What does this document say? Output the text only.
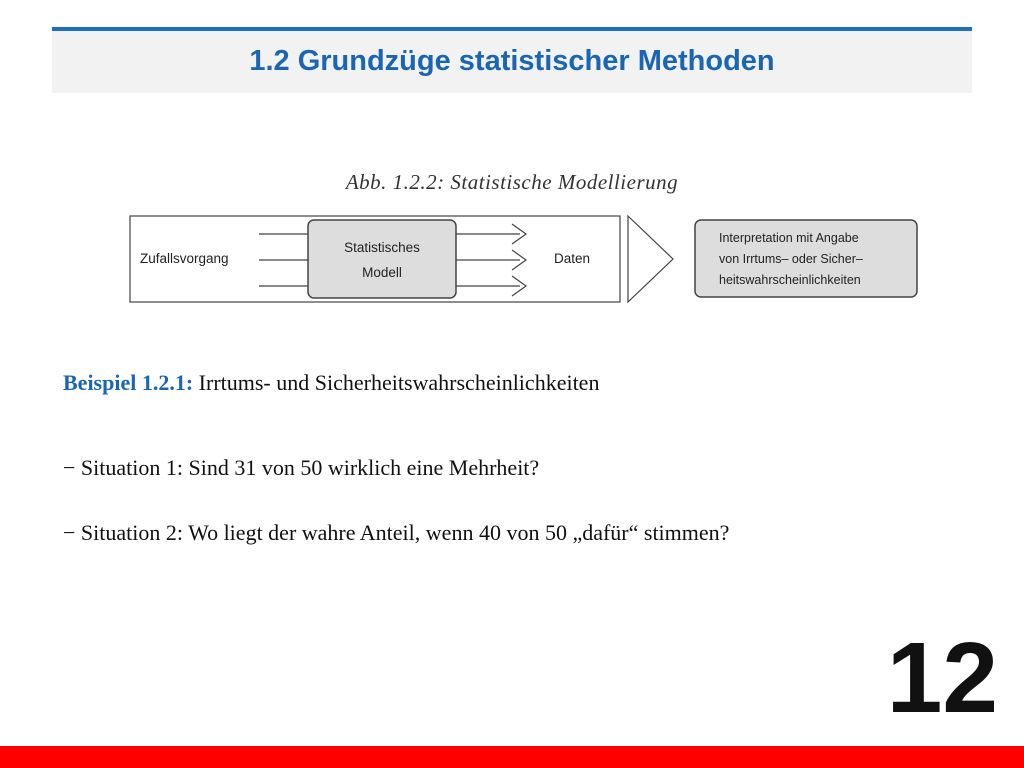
1.2 Grundzüge statistischer Methoden
Abb. 1.2.2: Statistische Modellierung
Zufallsvorgang
Statistisches
Modell
Daten
Interpretation mit Angabe
von Irrtums– oder Sicher–
heitswahrscheinlichkeiten
Beispiel 1.2.1: Irrtums- und Sicherheitswahrscheinlichkeiten
− Situation 1: Sind 31 von 50 wirklich eine Mehrheit?
− Situation 2: Wo liegt der wahre Anteil, wenn 40 von 50 „dafür“ stimmen?
12
